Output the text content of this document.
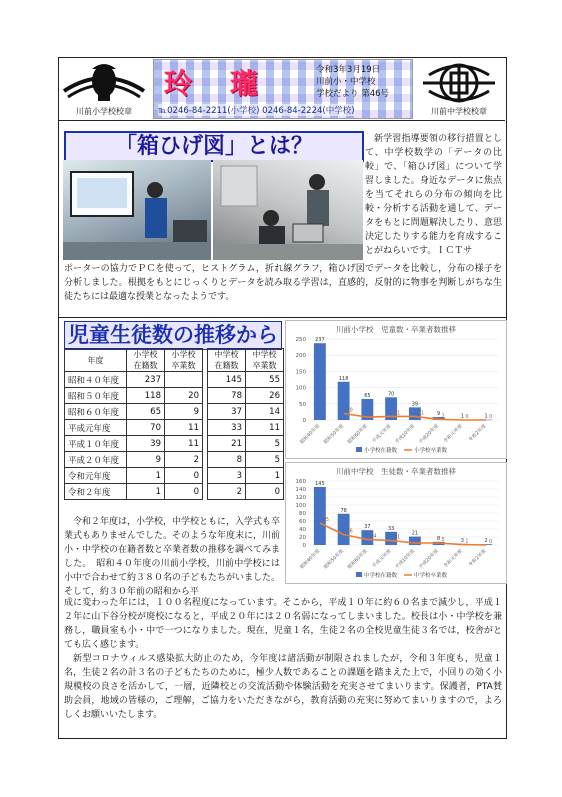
川前小学校校章
玲 瓏	令和3年3月19日
川前小・中学校
学校だより 第46号
℡0246-84-2211(小学校) 0246-84-2224(中学校)	川前中学校校章
「箱ひげ図」とは？	新学習指導要領の移行措置として、中学校数学の「データの比較」で、「箱ひげ図」について学習しました。身近なデータに焦点を当てそれらの分布の傾向を比較・分析する活動を通して、データをもとに問題解決したり、意思決定したりする能力を育成することがねらいです。ＩＣＴサ

ポーターの協力でＰＣを使って，ヒストグラム，折れ線グラフ，箱ひげ図でデータを比較し，分布の様子を分析しました。根拠をもとにじっくりとデータを読み取る学習は，直感的，反射的に物事を判断しがちな生徒たちには最適な授業となったようです。
児童生徒数の推移から
年度	小学校在籍数	小学校卒業数		中学校在籍数	中学校卒業数
昭和４０年度	237			145	55
昭和５０年度	118	20		78	26
昭和６０年度	65	9		37	14
平成元年度	70	11		33	11
平成１０年度	39	11		21	5
平成２０年度	9	2		8	5
令和元年度	1	0		3	1
令和２年度	1	0		2	0
川前小学校　児童数・卒業者数推移
0
50
100
150
200
250 237
昭和40年度
118
昭和50年度
65
昭和60年度
70
平成元年度
39
平成10年度
9
平成20年度
1
令和元年度
1
令和2年度
20
9	11	11
2	0	0
小学校在籍数	小学校卒業数
川前中学校　生徒数・卒業者数推移
0
20
40
60
80
100
120
140
160 145
昭和40年度
78
昭和50年度
37
昭和60年度
33
平成元年度
21
平成10年度
8
平成20年度
3
令和元年度
2
令和2年度
55
26
14	11	5	5	1	0
中学校在籍数	中学校卒業数

令和２年度は，小学校，中学校ともに，入学式も卒業式もありませんでした。そのような年度末に，川前小・中学校の在籍者数と卒業者数の推移を調べてみました。　昭和４０年度の川前小学校，川前中学校には小中で合わせて約３８０名の子どもたちがいました。そして，約３０年前の昭和から平

成に変わった年には，１００名程度になっています。そこから，平成１０年に約６０名まで減少し，平成１２年に山下谷分校が廃校になると，平成２０年には２０名弱になってしまいました。校長は小・中学校を兼務し，職員室も小・中で一つになりました。現在，児童１名，生徒２名の全校児童生徒３名では，校舎がとても広く感じます。

新型コロナウィルス感染拡大防止のため，今年度は諸活動が制限されましたが，令和３年度も，児童１名，生徒２名の計３名の子どもたちのために，極少人数であることの課題を踏まえた上で，小回りの効く小規模校の良さを活かして，一層，近隣校との交流活動や体験活動を充実させてまいります。保護者，PTA賛助会員，地域の皆様の，ご理解，ご協力をいただきながら，教育活動の充実に努めてまいりますので，よろしくお願いいたします。
